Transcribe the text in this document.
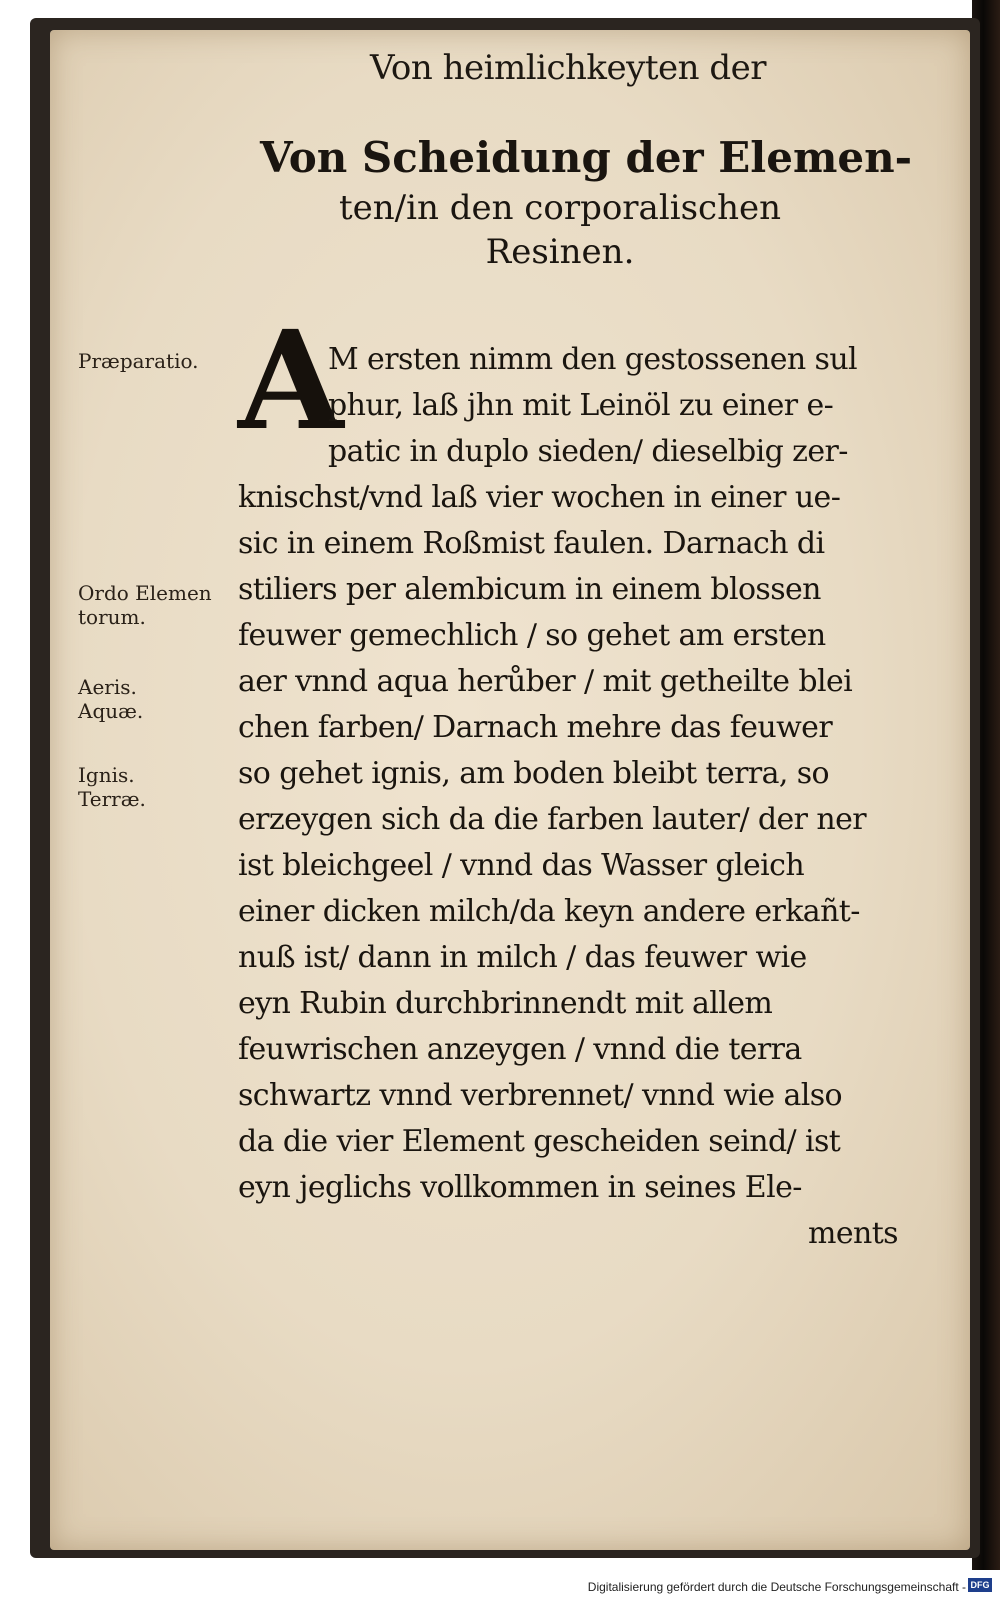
Von heimlichkeyten der
Von Scheidung der Elemen-
ten/in den corporalischen
Resinen.
Præparatio.
Ordo Elemen
torum.
Aeris.
Aquæ.
Ignis.
Terræ.
A
M ersten nimm den gestossenen sul
phur, laß jhn mit Leinöl zu einer e-
patic in duplo sieden/ dieselbig zer-
knischst/vnd laß vier wochen in einer ue-
sic in einem Roßmist faulen. Darnach di
stiliers per alembicum in einem blossen
feuwer gemechlich / so gehet am ersten
aer vnnd aqua herůber / mit getheilte blei
chen farben/ Darnach mehre das feuwer
so gehet ignis, am boden bleibt terra, so
erzeygen sich da die farben lauter/ der ner
ist bleichgeel / vnnd das Wasser gleich
einer dicken milch/da keyn andere erkañt-
nuß ist/ dann in milch / das feuwer wie
eyn Rubin durchbrinnendt mit allem
feuwrischen anzeygen / vnnd die terra
schwartz vnnd verbrennet/ vnnd wie also
da die vier Element gescheiden seind/ ist
eyn jeglichs vollkommen in seines Ele-
ments
Digitalisierung gefördert durch die Deutsche Forschungsgemeinschaft - DFG
